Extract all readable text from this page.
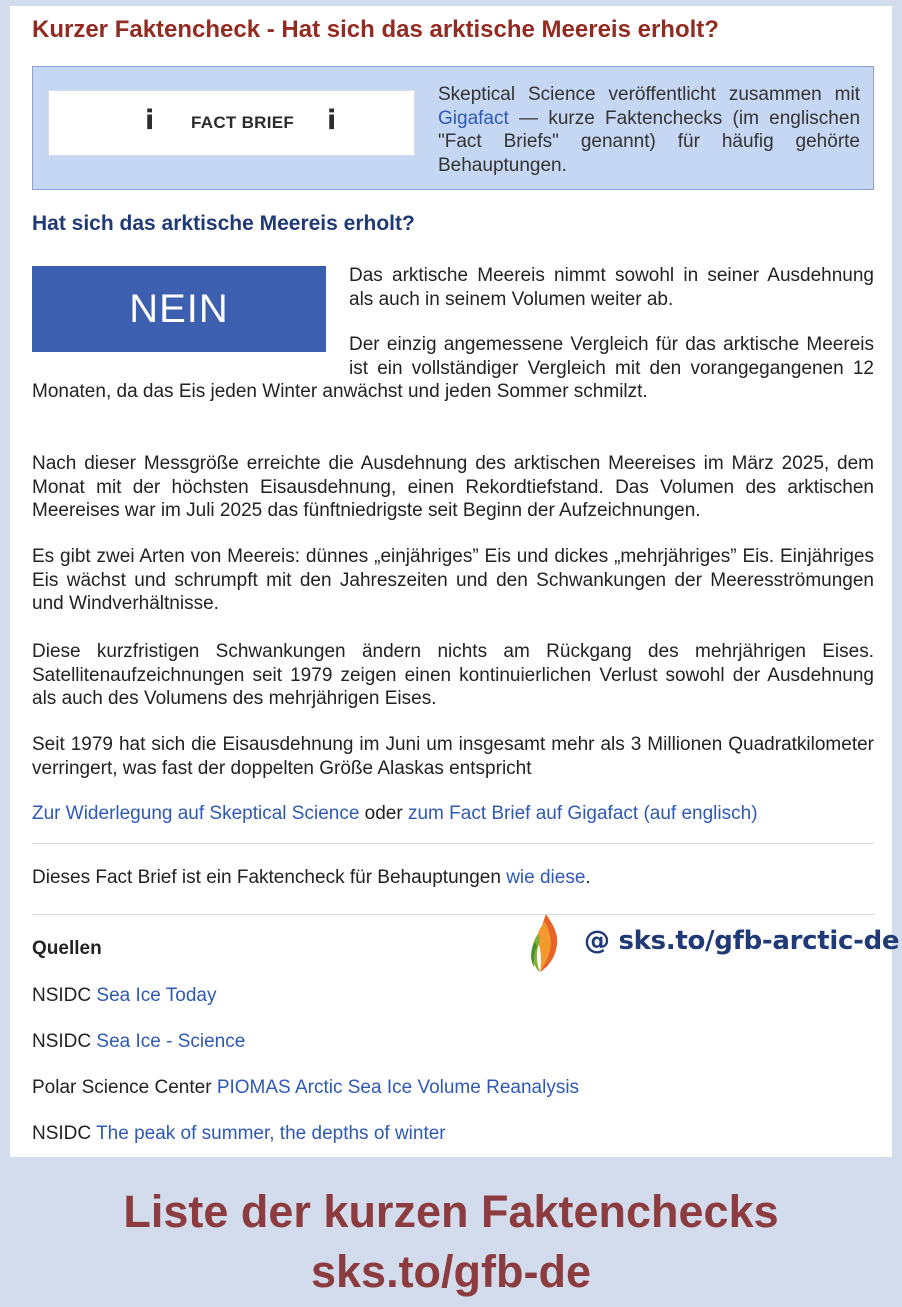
Kurzer Faktencheck - Hat sich das arktische Meereis erholt?
i FACT BRIEF i
Skeptical Science veröffentlicht zusammen mit Gigafact — kurze Faktenchecks (im englischen "Fact Briefs" genannt) für häufig gehörte Behauptungen.
Hat sich das arktische Meereis erholt?
NEIN

Das arktische Meereis nimmt sowohl in seiner Ausdehnung als auch in seinem Volumen weiter ab.

Der einzig angemessene Vergleich für das arktische Meereis ist ein vollständiger Vergleich mit den vorangegangenen 12 Monaten, da das Eis jeden Winter anwächst und jeden Sommer schmilzt.

Nach dieser Messgröße erreichte die Ausdehnung des arktischen Meereises im März 2025, dem Monat mit der höchsten Eisausdehnung, einen Rekordtiefstand. Das Volumen des arktischen Meereises war im Juli 2025 das fünftniedrigste seit Beginn der Aufzeichnungen.

Es gibt zwei Arten von Meereis: dünnes „einjähriges” Eis und dickes „mehrjähriges” Eis. Einjähriges Eis wächst und schrumpft mit den Jahreszeiten und den Schwankungen der Meeresströmungen und Windverhältnisse.

Diese kurzfristigen Schwankungen ändern nichts am Rückgang des mehrjährigen Eises. Satellitenaufzeichnungen seit 1979 zeigen einen kontinuierlichen Verlust sowohl der Ausdehnung als auch des Volumens des mehrjährigen Eises.

Seit 1979 hat sich die Eisausdehnung im Juni um insgesamt mehr als 3 Millionen Quadratkilometer verringert, was fast der doppelten Größe Alaskas entspricht

Zur Widerlegung auf Skeptical Science oder zum Fact Brief auf Gigafact (auf englisch)
Dieses Fact Brief ist ein Faktencheck für Behauptungen wie diese.
Quellen	@ sks.to/gfb-arctic-de
NSIDC Sea Ice Today
NSIDC Sea Ice - Science
Polar Science Center PIOMAS Arctic Sea Ice Volume Reanalysis
NSIDC The peak of summer, the depths of winter
Liste der kurzen Faktenchecks
sks.to/gfb-de
